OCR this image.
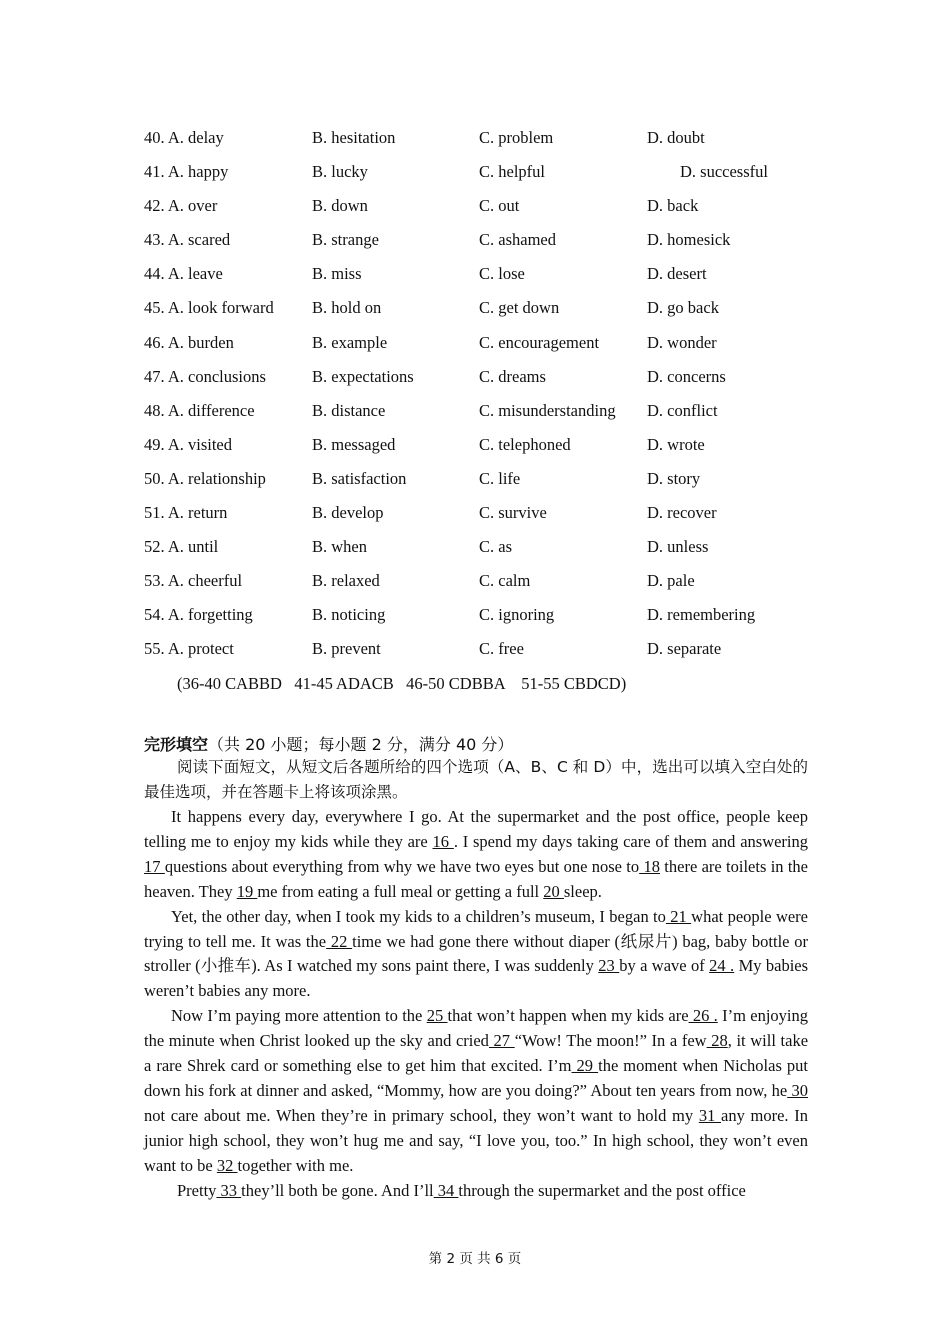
40. A. delay	B. hesitation	C. problem	D. doubt
41. A. happy	B. lucky	C. helpful	D. successful
42. A. over	B. down	C. out	D. back
43. A. scared	B. strange	C. ashamed	D. homesick
44. A. leave	B. miss	C. lose	D. desert
45. A. look forward B. hold on	C. get down	D. go back
46. A. burden	B. example	C. encouragement	D. wonder
47. A. conclusions	B. expectations	C. dreams	D. concerns
48. A. difference	B. distance	C. misunderstanding D. conflict
49. A. visited	B. messaged	C. telephoned	D. wrote
50. A. relationship	B. satisfaction	C. life	D. story
51. A. return	B. develop	C. survive	D. recover
52. A. until	B. when	C. as	D. unless
53. A. cheerful	B. relaxed	C. calm	D. pale
54. A. forgetting	B. noticing	C. ignoring	D. remembering
55. A. protect	B. prevent	C. free	D. separate
(36-40 CABBD   41-45 ADACB   46-50 CDBBA    51-55 CBDCD)
完形填空（共 20 小题；每小题 2 分，满分 40 分）
阅读下面短文，从短文后各题所给的四个选项（A、B、C 和 D）中，选出可以填入空白处的最佳选项，并在答题卡上将该项涂黑。

It happens every day, everywhere I go. At the supermarket and the post office, people keep telling me to enjoy my kids while they are 16 . I spend my days taking care of them and answering 17 questions about everything from why we have two eyes but one nose to 18 there are toilets in the heaven. They 19 me from eating a full meal or getting a full 20 sleep.

Yet, the other day, when I took my kids to a children’s museum, I began to 21 what people were trying to tell me. It was the 22 time we had gone there without diaper (纸尿片) bag, baby bottle or stroller (小推车). As I watched my sons paint there, I was suddenly 23 by a wave of 24 . My babies weren’t babies any more.

Now I’m paying more attention to the 25 that won’t happen when my kids are 26 . I’m enjoying the minute when Christ looked up the sky and cried 27 “Wow! The moon!” In a few 28, it will take a rare Shrek card or something else to get him that excited. I’m 29 the moment when Nicholas put down his fork at dinner and asked, “Mommy, how are you doing?” About ten years from now, he 30 not care about me. When they’re in primary school, they won’t want to hold my 31 any more. In junior high school, they won’t hug me and say, “I love you, too.” In high school, they won’t even want to be 32 together with me.

Pretty 33 they’ll both be gone. And I’ll 34 through the supermarket and the post office

第 2 页 共 6 页
